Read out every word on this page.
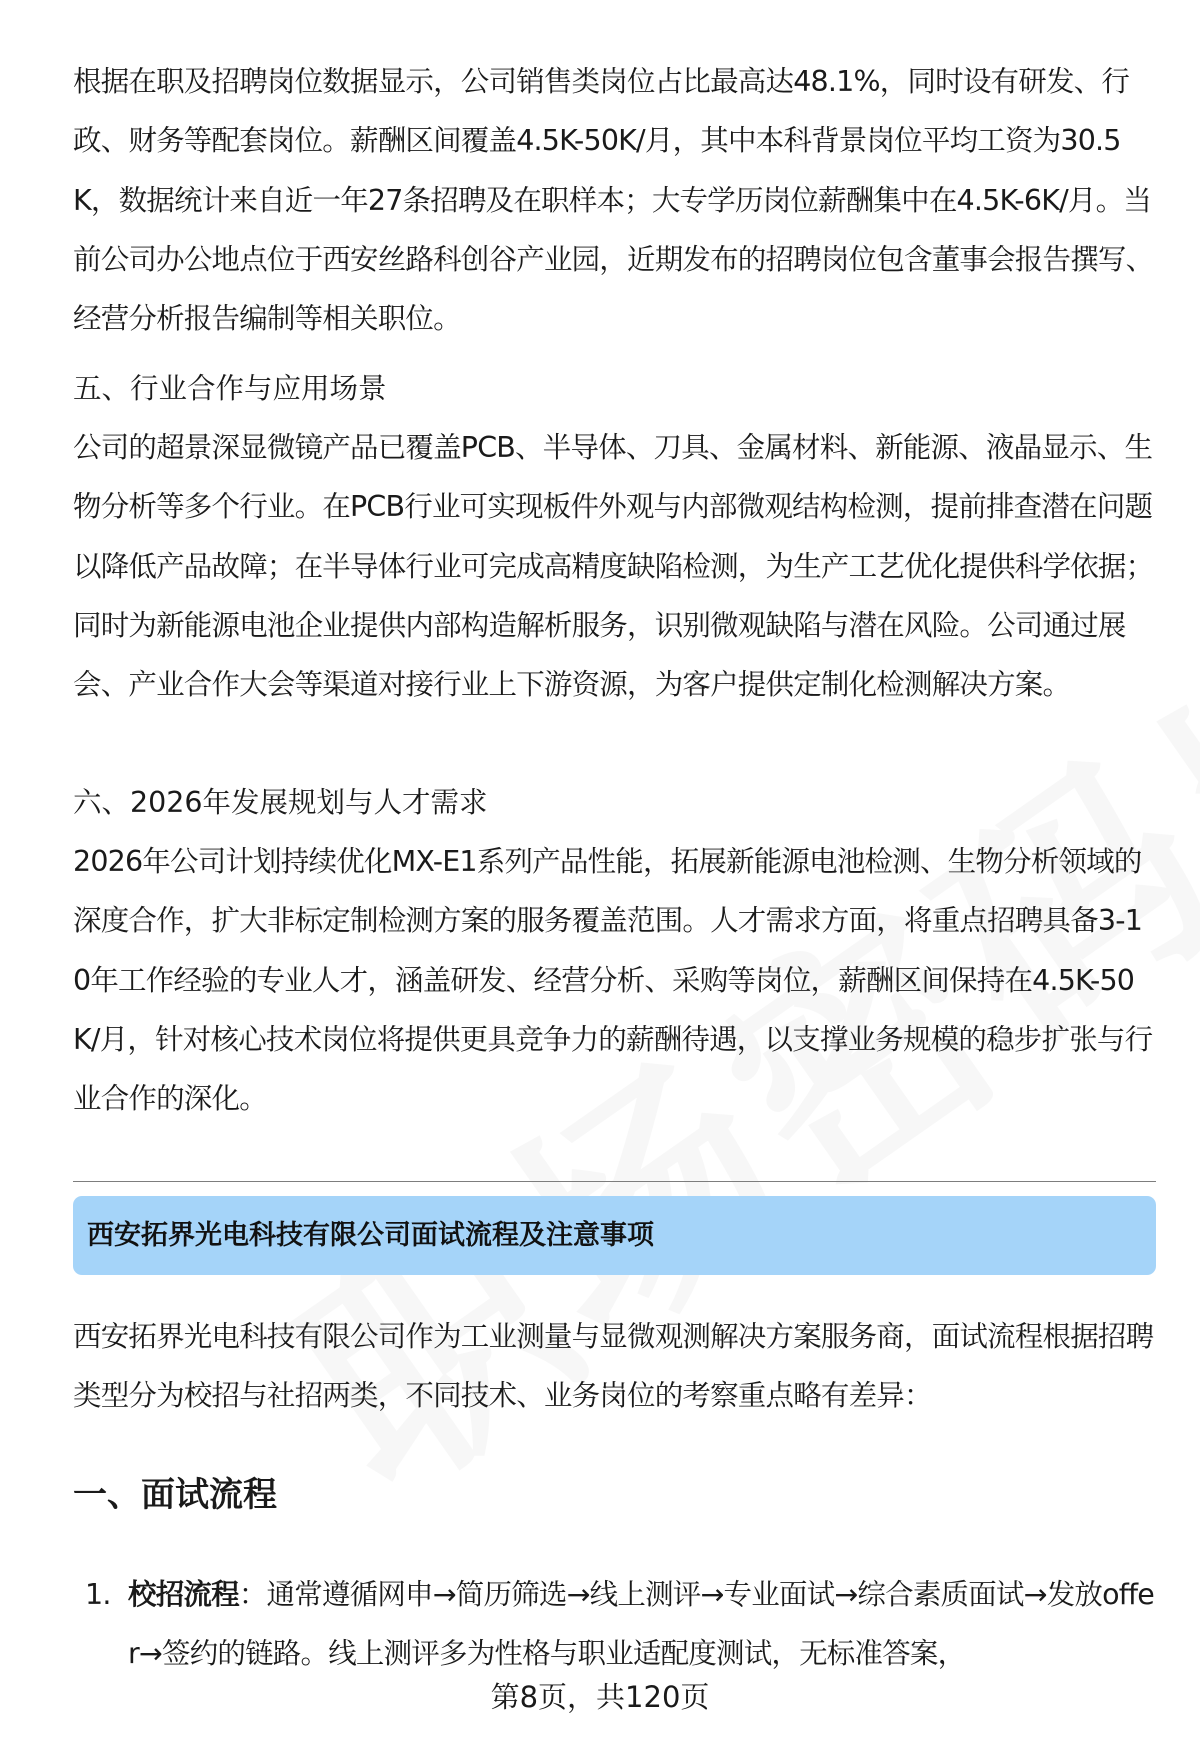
根据在职及招聘岗位数据显示，公司销售类岗位占比最高达48.1%，同时设有研发、行政、财务等配套岗位。薪酬区间覆盖4.5K-50K/月，其中本科背景岗位平均工资为30.5K，数据统计来自近一年27条招聘及在职样本；大专学历岗位薪酬集中在4.5K-6K/月。当前公司办公地点位于西安丝路科创谷产业园，近期发布的招聘岗位包含董事会报告撰写、经营分析报告编制等相关职位。

五、行业合作与应用场景

公司的超景深显微镜产品已覆盖PCB、半导体、刀具、金属材料、新能源、液晶显示、生物分析等多个行业。在PCB行业可实现板件外观与内部微观结构检测，提前排查潜在问题以降低产品故障；在半导体行业可完成高精度缺陷检测，为生产工艺优化提供科学依据；同时为新能源电池企业提供内部构造解析服务，识别微观缺陷与潜在风险。公司通过展会、产业合作大会等渠道对接行业上下游资源，为客户提供定制化检测解决方案。

六、2026年发展规划与人才需求

2026年公司计划持续优化MX-E1系列产品性能，拓展新能源电池检测、生物分析领域的深度合作，扩大非标定制检测方案的服务覆盖范围。人才需求方面，将重点招聘具备3-10年工作经验的专业人才，涵盖研发、经营分析、采购等岗位，薪酬区间保持在4.5K-50K/月，针对核心技术岗位将提供更具竞争力的薪酬待遇，以支撑业务规模的稳步扩张与行业合作的深化。

西安拓界光电科技有限公司面试流程及注意事项

西安拓界光电科技有限公司作为工业测量与显微观测解决方案服务商，面试流程根据招聘类型分为校招与社招两类，不同技术、业务岗位的考察重点略有差异：

一、面试流程
1. 校招流程：通常遵循网申→简历筛选→线上测评→专业面试→综合素质面试→发放offer→签约的链路。线上测评多为性格与职业适配度测试，无标准答案，
第8页，共120页
